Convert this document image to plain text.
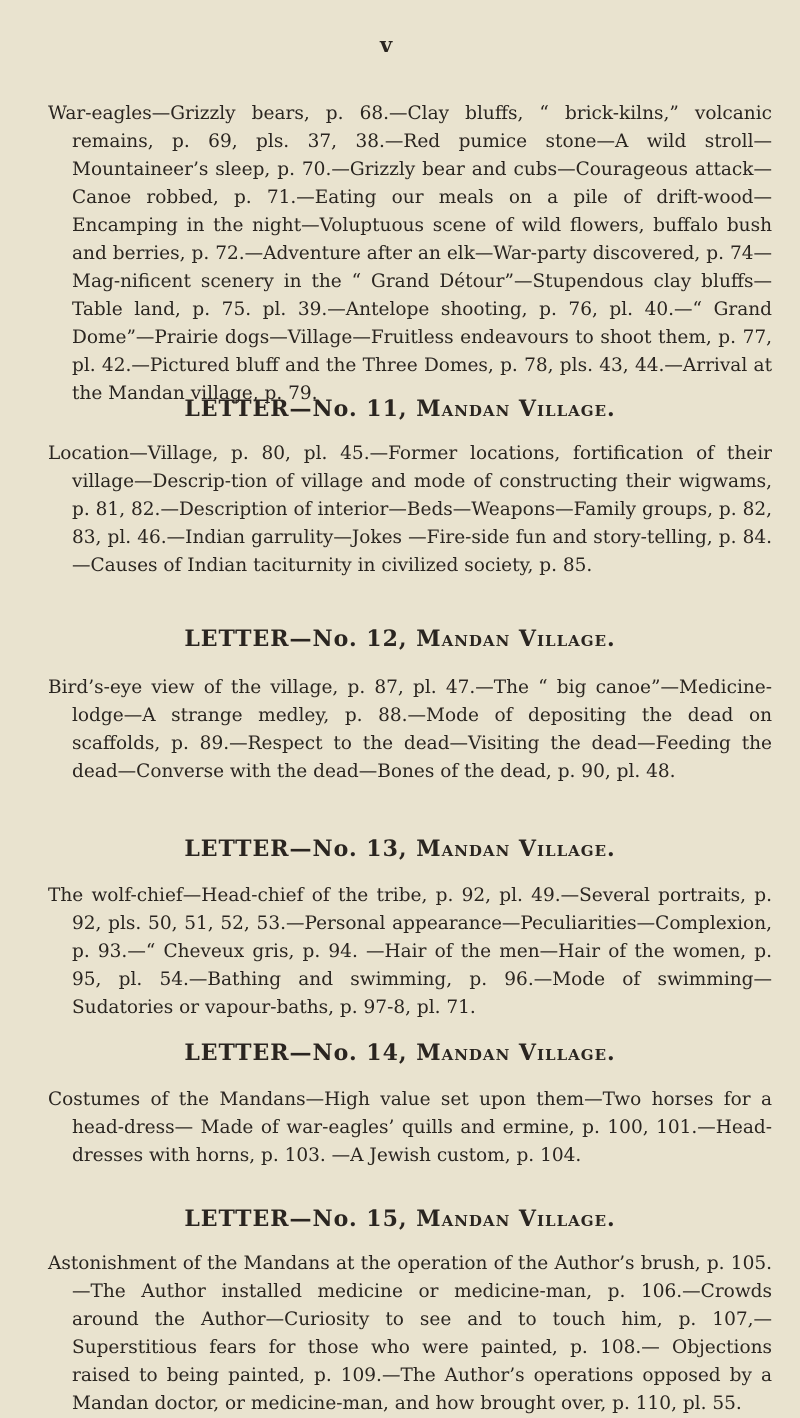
v

War-eagles—Grizzly bears, p. 68.—Clay bluffs, “ brick-kilns,” volcanic remains, p. 69, pls. 37, 38.—Red pumice stone—A wild stroll—Mountaineer’s sleep, p. 70.—Grizzly bear and cubs—Courageous attack—Canoe robbed, p. 71.—Eating our meals on a pile of drift-wood—Encamping in the night—Voluptuous scene of wild flowers, buffalo bush and berries, p. 72.—Adventure after an elk—War-party discovered, p. 74—Mag-nificent scenery in the “ Grand Détour”—Stupendous clay bluffs—Table land, p. 75. pl. 39.—Antelope shooting, p. 76, pl. 40.—“ Grand Dome”—Prairie dogs—Village—Fruitless endeavours to shoot them, p. 77, pl. 42.—Pictured bluff and the Three Domes, p. 78, pls. 43, 44.—Arrival at the Mandan village, p. 79.

LETTER—No. 11, Mandan Village.

Location—Village, p. 80, pl. 45.—Former locations, fortification of their village—Descrip-tion of village and mode of constructing their wigwams, p. 81, 82.—Description of interior—Beds—Weapons—Family groups, p. 82, 83, pl. 46.—Indian garrulity—Jokes —Fire-side fun and story-telling, p. 84.—Causes of Indian taciturnity in civilized society, p. 85.

LETTER—No. 12, Mandan Village.

Bird’s-eye view of the village, p. 87, pl. 47.—The “ big canoe”—Medicine-lodge—A strange medley, p. 88.—Mode of depositing the dead on scaffolds, p. 89.—Respect to the dead—Visiting the dead—Feeding the dead—Converse with the dead—Bones of the dead, p. 90, pl. 48.

LETTER—No. 13, Mandan Village.

The wolf-chief—Head-chief of the tribe, p. 92, pl. 49.—Several portraits, p. 92, pls. 50, 51, 52, 53.—Personal appearance—Peculiarities—Complexion, p. 93.—“ Cheveux gris, p. 94. —Hair of the men—Hair of the women, p. 95, pl. 54.—Bathing and swimming, p. 96.—Mode of swimming—Sudatories or vapour-baths, p. 97-8, pl. 71.

LETTER—No. 14, Mandan Village.

Costumes of the Mandans—High value set upon them—Two horses for a head-dress— Made of war-eagles’ quills and ermine, p. 100, 101.—Head-dresses with horns, p. 103. —A Jewish custom, p. 104.

LETTER—No. 15, Mandan Village.

Astonishment of the Mandans at the operation of the Author’s brush, p. 105.—The Author installed medicine or medicine-man, p. 106.—Crowds around the Author—Curiosity to see and to touch him, p. 107,—Superstitious fears for those who were painted, p. 108.— Objections raised to being painted, p. 109.—The Author’s operations opposed by a Mandan doctor, or medicine-man, and how brought over, p. 110, pl. 55.
